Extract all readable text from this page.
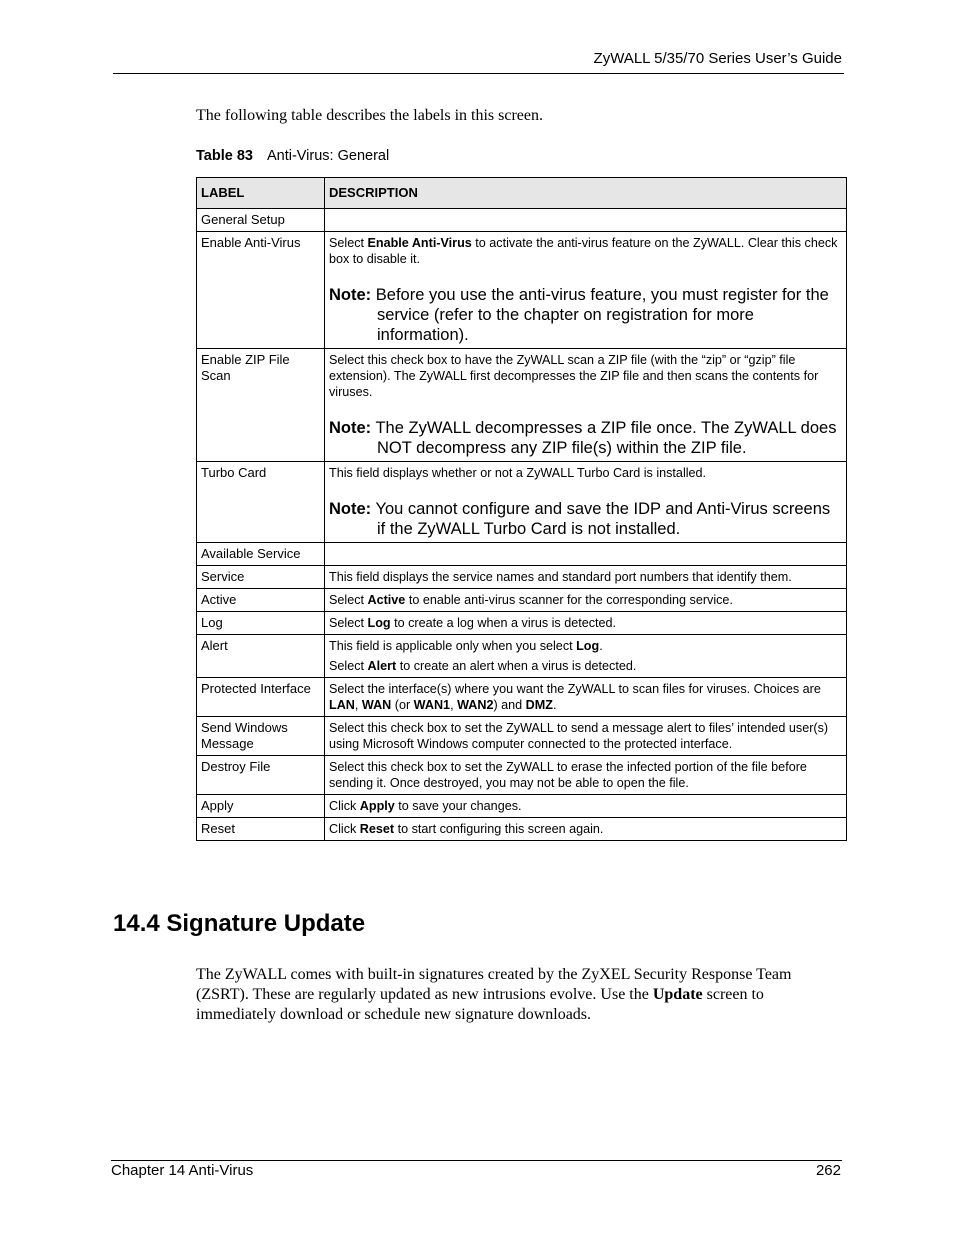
ZyWALL 5/35/70 Series User’s Guide
The following table describes the labels in this screen.
Table 83 Anti-Virus: General
LABEL	DESCRIPTION
General Setup	
Enable Anti-Virus	Select Enable Anti-Virus to activate the anti-virus feature on the ZyWALL. Clear this check box to disable it.
Note: Before you use the anti-virus feature, you must register for the service (refer to the chapter on registration for more information).

Enable ZIP File Scan	Select this check box to have the ZyWALL scan a ZIP file (with the “zip” or “gzip” file extension). The ZyWALL first decompresses the ZIP file and then scans the contents for viruses.
Note: The ZyWALL decompresses a ZIP file once. The ZyWALL does NOT decompress any ZIP file(s) within the ZIP file.

Turbo Card	This field displays whether or not a ZyWALL Turbo Card is installed.
Note: You cannot configure and save the IDP and Anti-Virus screens if the ZyWALL Turbo Card is not installed.

Available Service	
Service	This field displays the service names and standard port numbers that identify them.

Active	Select Active to enable anti-virus scanner for the corresponding service.

Log	Select Log to create a log when a virus is detected.

Alert	This field is applicable only when you select Log.
Select Alert to create an alert when a virus is detected.

Protected Interface	Select the interface(s) where you want the ZyWALL to scan files for viruses. Choices are LAN, WAN (or WAN1, WAN2) and DMZ.

Send Windows Message	Select this check box to set the ZyWALL to send a message alert to files’ intended user(s) using Microsoft Windows computer connected to the protected interface.

Destroy File	Select this check box to set the ZyWALL to erase the infected portion of the file before sending it. Once destroyed, you may not be able to open the file.

Apply	Click Apply to save your changes.

Reset	Click Reset to start configuring this screen again.
14.4 Signature Update
The ZyWALL comes with built-in signatures created by the ZyXEL Security Response Team (ZSRT). These are regularly updated as new intrusions evolve. Use the Update screen to immediately download or schedule new signature downloads.
Chapter 14 Anti-Virus	262
